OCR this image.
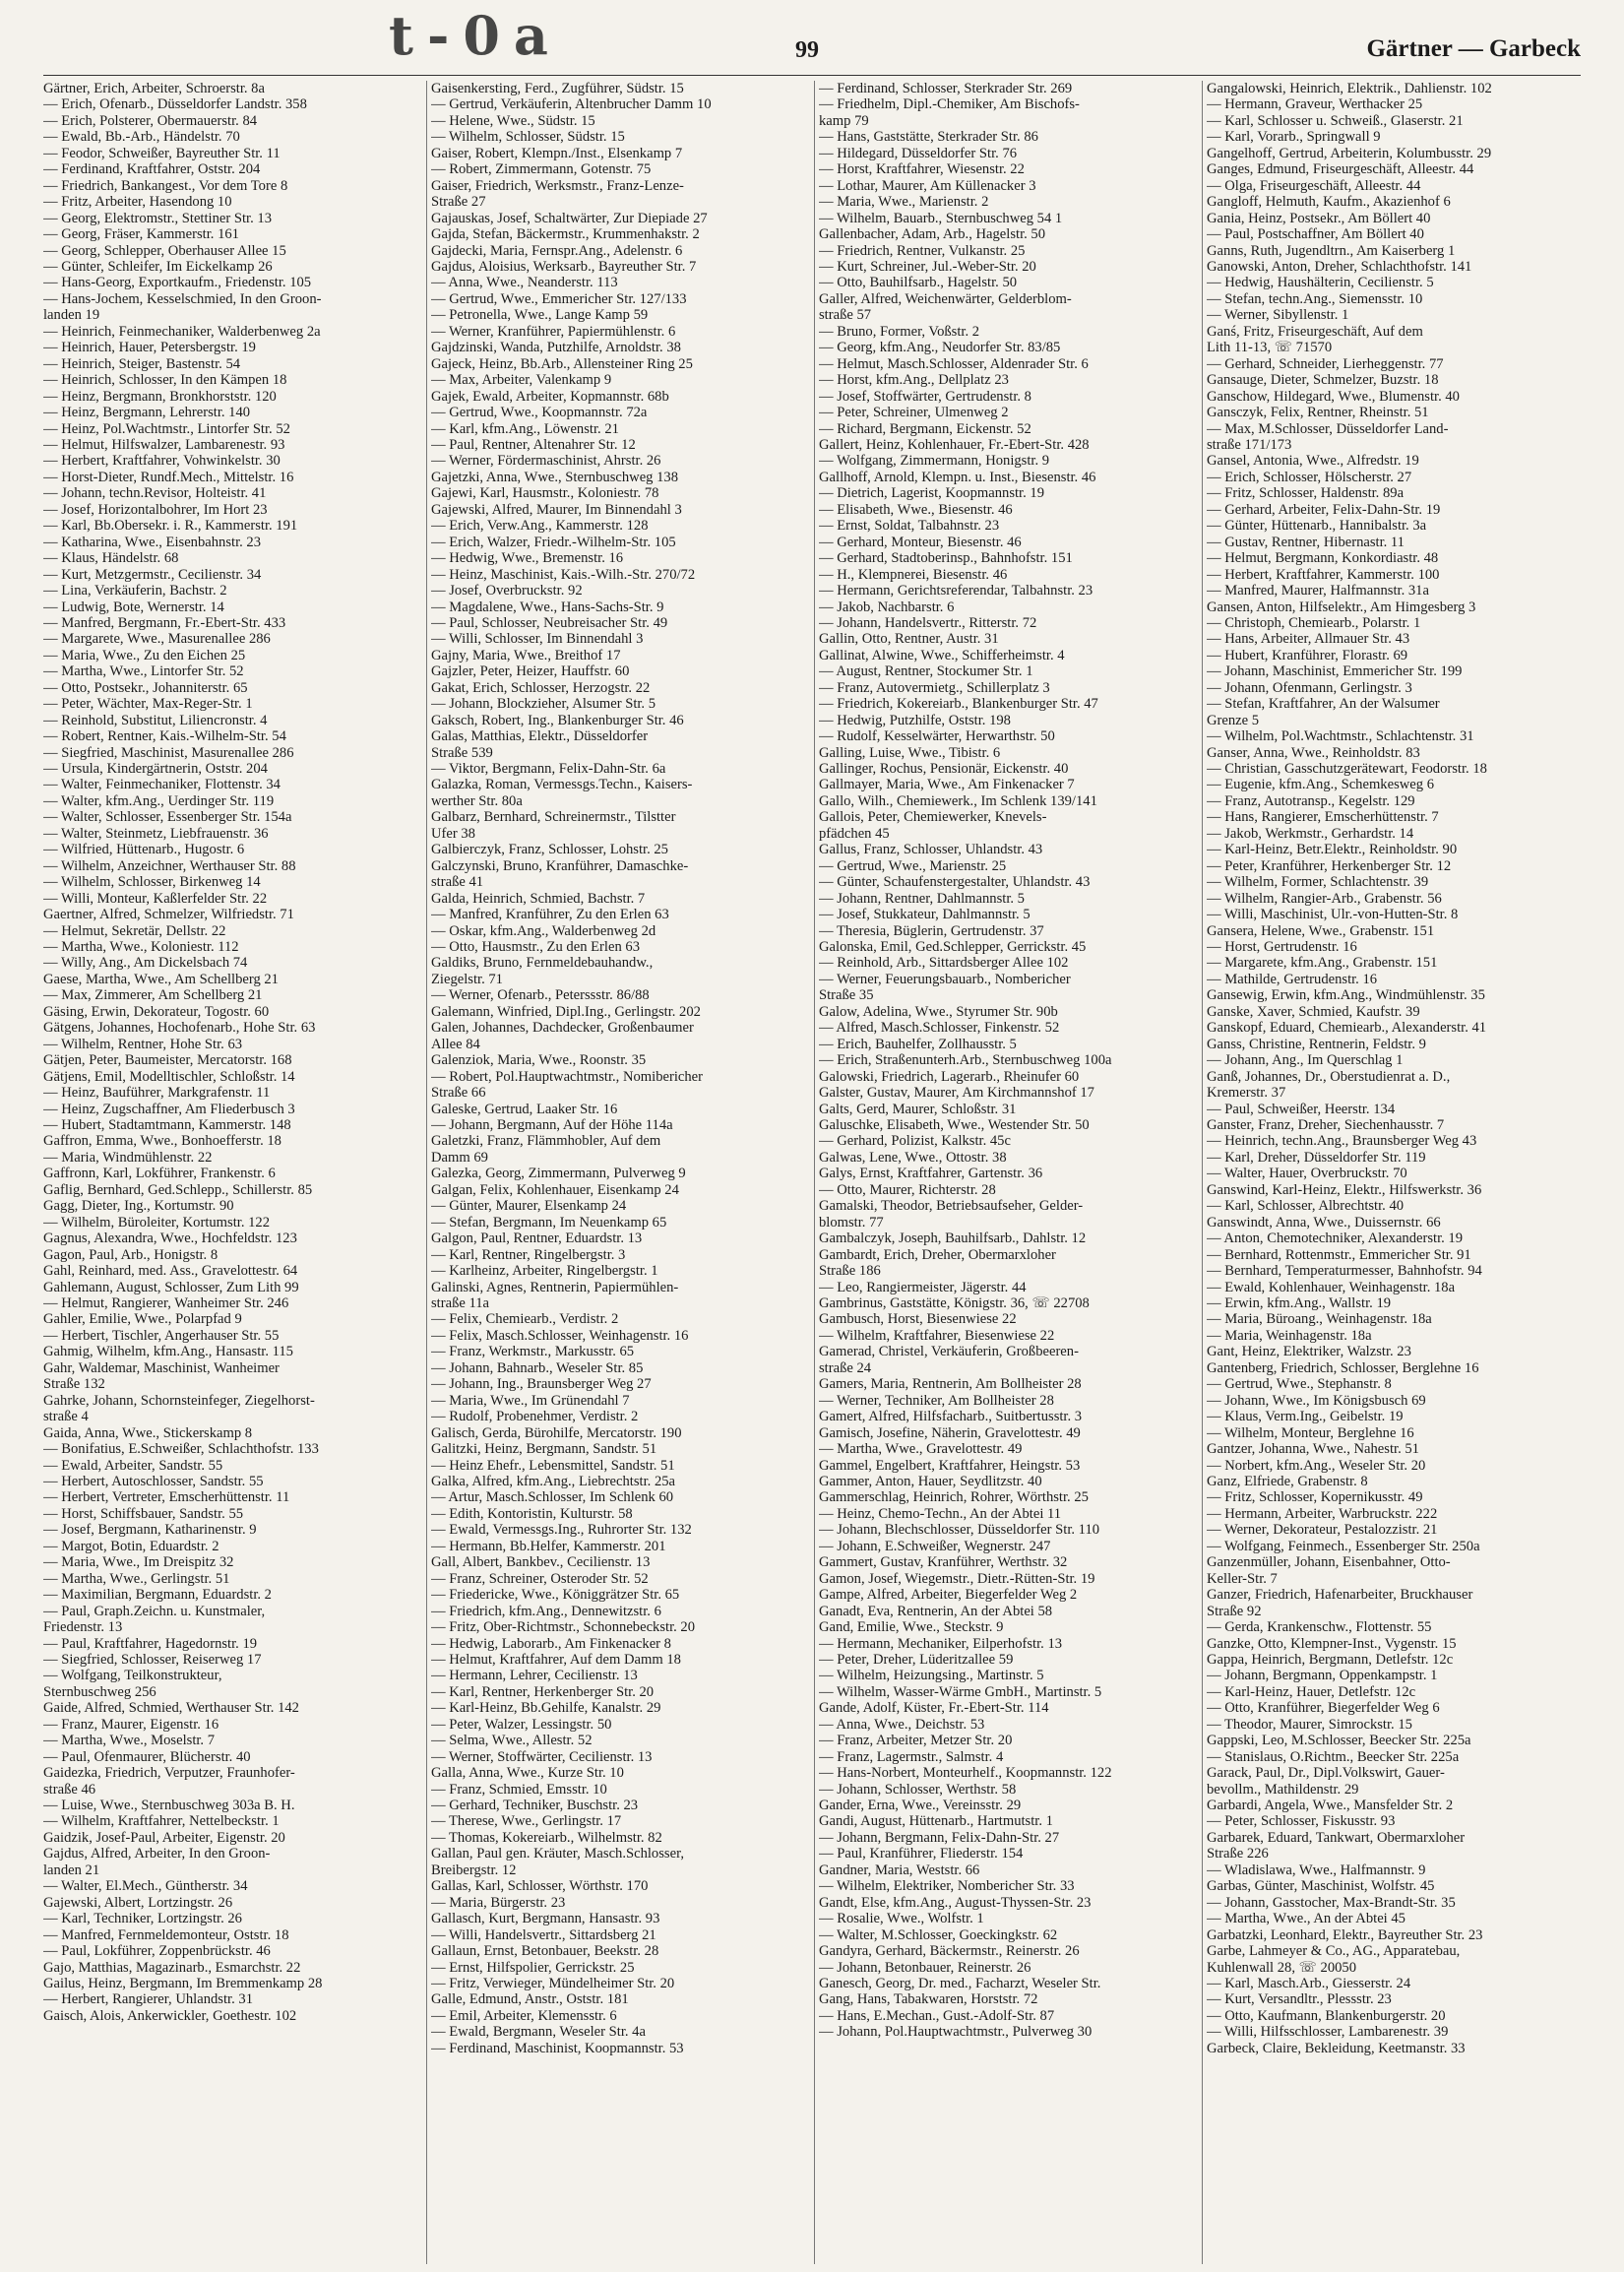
t-0a	99	Gärtner — Garbeck
Gärtner, Erich, Arbeiter, Schroerstr. 8a
— Erich, Ofenarb., Düsseldorfer Landstr. 358
— Erich, Polsterer, Obermauerstr. 84
— Ewald, Bb.-Arb., Händelstr. 70
— Feodor, Schweißer, Bayreuther Str. 11
— Ferdinand, Kraftfahrer, Oststr. 204
— Friedrich, Bankangest., Vor dem Tore 8
— Fritz, Arbeiter, Hasendong 10
— Georg, Elektromstr., Stettiner Str. 13
— Georg, Fräser, Kammerstr. 161
— Georg, Schlepper, Oberhauser Allee 15
— Günter, Schleifer, Im Eickelkamp 26
— Hans-Georg, Exportkaufm., Friedenstr. 105
— Hans-Jochem, Kesselschmied, In den Groon-
landen 19
— Heinrich, Feinmechaniker, Walderbenweg 2a
— Heinrich, Hauer, Petersbergstr. 19
— Heinrich, Steiger, Bastenstr. 54
— Heinrich, Schlosser, In den Kämpen 18
— Heinz, Bergmann, Bronkhorststr. 120
— Heinz, Bergmann, Lehrerstr. 140
— Heinz, Pol.Wachtmstr., Lintorfer Str. 52
— Helmut, Hilfswalzer, Lambarenestr. 93
— Herbert, Kraftfahrer, Vohwinkelstr. 30
— Horst-Dieter, Rundf.Mech., Mittelstr. 16
— Johann, techn.Revisor, Holteistr. 41
— Josef, Horizontalbohrer, Im Hort 23
— Karl, Bb.Obersekr. i. R., Kammerstr. 191
— Katharina, Wwe., Eisenbahnstr. 23
— Klaus, Händelstr. 68
— Kurt, Metzgermstr., Cecilienstr. 34
— Lina, Verkäuferin, Bachstr. 2
— Ludwig, Bote, Wernerstr. 14
— Manfred, Bergmann, Fr.-Ebert-Str. 433
— Margarete, Wwe., Masurenallee 286
— Maria, Wwe., Zu den Eichen 25
— Martha, Wwe., Lintorfer Str. 52
— Otto, Postsekr., Johanniterstr. 65
— Peter, Wächter, Max-Reger-Str. 1
— Reinhold, Substitut, Liliencronstr. 4
— Robert, Rentner, Kais.-Wilhelm-Str. 54
— Siegfried, Maschinist, Masurenallee 286
— Ursula, Kindergärtnerin, Oststr. 204
— Walter, Feinmechaniker, Flottenstr. 34
— Walter, kfm.Ang., Uerdinger Str. 119
— Walter, Schlosser, Essenberger Str. 154a
— Walter, Steinmetz, Liebfrauenstr. 36
— Wilfried, Hüttenarb., Hugostr. 6
— Wilhelm, Anzeichner, Werthauser Str. 88
— Wilhelm, Schlosser, Birkenweg 14
— Willi, Monteur, Kaßlerfelder Str. 22
Gaertner, Alfred, Schmelzer, Wilfriedstr. 71
— Helmut, Sekretär, Dellstr. 22
— Martha, Wwe., Koloniestr. 112
— Willy, Ang., Am Dickelsbach 74
Gaese, Martha, Wwe., Am Schellberg 21
— Max, Zimmerer, Am Schellberg 21
Gäsing, Erwin, Dekorateur, Togostr. 60
Gätgens, Johannes, Hochofenarb., Hohe Str. 63
— Wilhelm, Rentner, Hohe Str. 63
Gätjen, Peter, Baumeister, Mercatorstr. 168
Gätjens, Emil, Modelltischler, Schloßstr. 14
— Heinz, Bauführer, Markgrafenstr. 11
— Heinz, Zugschaffner, Am Fliederbusch 3
— Hubert, Stadtamtmann, Kammerstr. 148
Gaffron, Emma, Wwe., Bonhoefferstr. 18
— Maria, Windmühlenstr. 22
Gaffronn, Karl, Lokführer, Frankenstr. 6
Gaflig, Bernhard, Ged.Schlepp., Schillerstr. 85
Gagg, Dieter, Ing., Kortumstr. 90
— Wilhelm, Büroleiter, Kortumstr. 122
Gagnus, Alexandra, Wwe., Hochfeldstr. 123
Gagon, Paul, Arb., Honigstr. 8
Gahl, Reinhard, med. Ass., Gravelottestr. 64
Gahlemann, August, Schlosser, Zum Lith 99
— Helmut, Rangierer, Wanheimer Str. 246
Gahler, Emilie, Wwe., Polarpfad 9
— Herbert, Tischler, Angerhauser Str. 55
Gahmig, Wilhelm, kfm.Ang., Hansastr. 115
Gahr, Waldemar, Maschinist, Wanheimer
Straße 132
Gahrke, Johann, Schornsteinfeger, Ziegelhorst-
straße 4
Gaida, Anna, Wwe., Stickerskamp 8
— Bonifatius, E.Schweißer, Schlachthofstr. 133
— Ewald, Arbeiter, Sandstr. 55
— Herbert, Autoschlosser, Sandstr. 55
— Herbert, Vertreter, Emscherhüttenstr. 11
— Horst, Schiffsbauer, Sandstr. 55
— Josef, Bergmann, Katharinenstr. 9
— Margot, Botin, Eduardstr. 2
— Maria, Wwe., Im Dreispitz 32
— Martha, Wwe., Gerlingstr. 51
— Maximilian, Bergmann, Eduardstr. 2
— Paul, Graph.Zeichn. u. Kunstmaler,
Friedenstr. 13
— Paul, Kraftfahrer, Hagedornstr. 19
— Siegfried, Schlosser, Reiserweg 17
— Wolfgang, Teilkonstrukteur,
Sternbuschweg 256
Gaide, Alfred, Schmied, Werthauser Str. 142
— Franz, Maurer, Eigenstr. 16
— Martha, Wwe., Moselstr. 7
— Paul, Ofenmaurer, Blücherstr. 40
Gaidezka, Friedrich, Verputzer, Fraunhofer-
straße 46
— Luise, Wwe., Sternbuschweg 303a B. H.
— Wilhelm, Kraftfahrer, Nettelbeckstr. 1
Gaidzik, Josef-Paul, Arbeiter, Eigenstr. 20
Gajdus, Alfred, Arbeiter, In den Groon-
landen 21
— Walter, El.Mech., Güntherstr. 34
Gajewski, Albert, Lortzingstr. 26
— Karl, Techniker, Lortzingstr. 26
— Manfred, Fernmeldemonteur, Oststr. 18
— Paul, Lokführer, Zoppenbrückstr. 46
Gajo, Matthias, Magazinarb., Esmarchstr. 22
Gailus, Heinz, Bergmann, Im Bremmenkamp 28
— Herbert, Rangierer, Uhlandstr. 31
Gaisch, Alois, Ankerwickler, Goethestr. 102
Gaisenkersting, Ferd., Zugführer, Südstr. 15
— Gertrud, Verkäuferin, Altenbrucher Damm 10
— Helene, Wwe., Südstr. 15
— Wilhelm, Schlosser, Südstr. 15
Gaiser, Robert, Klempn./Inst., Elsenkamp 7
— Robert, Zimmermann, Gotenstr. 75
Gaiser, Friedrich, Werksmstr., Franz-Lenze-
Straße 27
Gajauskas, Josef, Schaltwärter, Zur Diepiade 27
Gajda, Stefan, Bäckermstr., Krummenhakstr. 2
Gajdecki, Maria, Fernspr.Ang., Adelenstr. 6
Gajdus, Aloisius, Werksarb., Bayreuther Str. 7
— Anna, Wwe., Neanderstr. 113
— Gertrud, Wwe., Emmericher Str. 127/133
— Petronella, Wwe., Lange Kamp 59
— Werner, Kranführer, Papiermühlenstr. 6
Gajdzinski, Wanda, Putzhilfe, Arnoldstr. 38
Gajeck, Heinz, Bb.Arb., Allensteiner Ring 25
— Max, Arbeiter, Valenkamp 9
Gajek, Ewald, Arbeiter, Kopmannstr. 68b
— Gertrud, Wwe., Koopmannstr. 72a
— Karl, kfm.Ang., Löwenstr. 21
— Paul, Rentner, Altenahrer Str. 12
— Werner, Fördermaschinist, Ahrstr. 26
Gajetzki, Anna, Wwe., Sternbuschweg 138
Gajewi, Karl, Hausmstr., Koloniestr. 78
Gajewski, Alfred, Maurer, Im Binnendahl 3
— Erich, Verw.Ang., Kammerstr. 128
— Erich, Walzer, Friedr.-Wilhelm-Str. 105
— Hedwig, Wwe., Bremenstr. 16
— Heinz, Maschinist, Kais.-Wilh.-Str. 270/72
— Josef, Overbruckstr. 92
— Magdalene, Wwe., Hans-Sachs-Str. 9
— Paul, Schlosser, Neubreisacher Str. 49
— Willi, Schlosser, Im Binnendahl 3
Gajny, Maria, Wwe., Breithof 17
Gajzler, Peter, Heizer, Hauffstr. 60
Gakat, Erich, Schlosser, Herzogstr. 22
— Johann, Blockzieher, Alsumer Str. 5
Gaksch, Robert, Ing., Blankenburger Str. 46
Galas, Matthias, Elektr., Düsseldorfer
Straße 539
— Viktor, Bergmann, Felix-Dahn-Str. 6a
Galazka, Roman, Vermessgs.Techn., Kaisers-
werther Str. 80a
Galbarz, Bernhard, Schreinermstr., Tilstter
Ufer 38
Galbierczyk, Franz, Schlosser, Lohstr. 25
Galczynski, Bruno, Kranführer, Damaschke-
straße 41
Galda, Heinrich, Schmied, Bachstr. 7
— Manfred, Kranführer, Zu den Erlen 63
— Oskar, kfm.Ang., Walderbenweg 2d
— Otto, Hausmstr., Zu den Erlen 63
Galdiks, Bruno, Fernmeldebauhandw.,
Ziegelstr. 71
— Werner, Ofenarb., Peterssstr. 86/88
Galemann, Winfried, Dipl.Ing., Gerlingstr. 202
Galen, Johannes, Dachdecker, Großenbaumer
Allee 84
Galenziok, Maria, Wwe., Roonstr. 35
— Robert, Pol.Hauptwachtmstr., Nomibericher
Straße 66
Galeske, Gertrud, Laaker Str. 16
— Johann, Bergmann, Auf der Höhe 114a
Galetzki, Franz, Flämmhobler, Auf dem
Damm 69
Galezka, Georg, Zimmermann, Pulverweg 9
Galgan, Felix, Kohlenhauer, Eisenkamp 24
— Günter, Maurer, Elsenkamp 24
— Stefan, Bergmann, Im Neuenkamp 65
Galgon, Paul, Rentner, Eduardstr. 13
— Karl, Rentner, Ringelbergstr. 3
— Karlheinz, Arbeiter, Ringelbergstr. 1
Galinski, Agnes, Rentnerin, Papiermühlen-
straße 11a
— Felix, Chemiearb., Verdistr. 2
— Felix, Masch.Schlosser, Weinhagenstr. 16
— Franz, Werkmstr., Markusstr. 65
— Johann, Bahnarb., Weseler Str. 85
— Johann, Ing., Braunsberger Weg 27
— Maria, Wwe., Im Grünendahl 7
— Rudolf, Probenehmer, Verdistr. 2
Galisch, Gerda, Bürohilfe, Mercatorstr. 190
Galitzki, Heinz, Bergmann, Sandstr. 51
— Heinz Ehefr., Lebensmittel, Sandstr. 51
Galka, Alfred, kfm.Ang., Liebrechtstr. 25a
— Artur, Masch.Schlosser, Im Schlenk 60
— Edith, Kontoristin, Kulturstr. 58
— Ewald, Vermessgs.Ing., Ruhrorter Str. 132
— Hermann, Bb.Helfer, Kammerstr. 201
Gall, Albert, Bankbev., Cecilienstr. 13
— Franz, Schreiner, Osteroder Str. 52
— Friedericke, Wwe., Königgrätzer Str. 65
— Friedrich, kfm.Ang., Dennewitzstr. 6
— Fritz, Ober-Richtmstr., Schonnebeckstr. 20
— Hedwig, Laborarb., Am Finkenacker 8
— Helmut, Kraftfahrer, Auf dem Damm 18
— Hermann, Lehrer, Cecilienstr. 13
— Karl, Rentner, Herkenberger Str. 20
— Karl-Heinz, Bb.Gehilfe, Kanalstr. 29
— Peter, Walzer, Lessingstr. 50
— Selma, Wwe., Allestr. 52
— Werner, Stoffwärter, Cecilienstr. 13
Galla, Anna, Wwe., Kurze Str. 10
— Franz, Schmied, Emsstr. 10
— Gerhard, Techniker, Buschstr. 23
— Therese, Wwe., Gerlingstr. 17
— Thomas, Kokereiarb., Wilhelmstr. 82
Gallan, Paul gen. Kräuter, Masch.Schlosser,
Breibergstr. 12
Gallas, Karl, Schlosser, Wörthstr. 170
— Maria, Bürgerstr. 23
Gallasch, Kurt, Bergmann, Hansastr. 93
— Willi, Handelsvertr., Sittardsberg 21
Gallaun, Ernst, Betonbauer, Beekstr. 28
— Ernst, Hilfspolier, Gerrickstr. 25
— Fritz, Verwieger, Mündelheimer Str. 20
Galle, Edmund, Anstr., Oststr. 181
— Emil, Arbeiter, Klemensstr. 6
— Ewald, Bergmann, Weseler Str. 4a
— Ferdinand, Maschinist, Koopmannstr. 53
— Ferdinand, Schlosser, Sterkrader Str. 269
— Friedhelm, Dipl.-Chemiker, Am Bischofs-
kamp 79
— Hans, Gaststätte, Sterkrader Str. 86
— Hildegard, Düsseldorfer Str. 76
— Horst, Kraftfahrer, Wiesenstr. 22
— Lothar, Maurer, Am Küllenacker 3
— Maria, Wwe., Marienstr. 2
— Wilhelm, Bauarb., Sternbuschweg 54 1
Gallenbacher, Adam, Arb., Hagelstr. 50
— Friedrich, Rentner, Vulkanstr. 25
— Kurt, Schreiner, Jul.-Weber-Str. 20
— Otto, Bauhilfsarb., Hagelstr. 50
Galler, Alfred, Weichenwärter, Gelderblom-
straße 57
— Bruno, Former, Voßstr. 2
— Georg, kfm.Ang., Neudorfer Str. 83/85
— Helmut, Masch.Schlosser, Aldenrader Str. 6
— Horst, kfm.Ang., Dellplatz 23
— Josef, Stoffwärter, Gertrudenstr. 8
— Peter, Schreiner, Ulmenweg 2
— Richard, Bergmann, Eickenstr. 52
Gallert, Heinz, Kohlenhauer, Fr.-Ebert-Str. 428
— Wolfgang, Zimmermann, Honigstr. 9
Gallhoff, Arnold, Klempn. u. Inst., Biesenstr. 46
— Dietrich, Lagerist, Koopmannstr. 19
— Elisabeth, Wwe., Biesenstr. 46
— Ernst, Soldat, Talbahnstr. 23
— Gerhard, Monteur, Biesenstr. 46
— Gerhard, Stadtoberinsp., Bahnhofstr. 151
— H., Klempnerei, Biesenstr. 46
— Hermann, Gerichtsreferendar, Talbahnstr. 23
— Jakob, Nachbarstr. 6
— Johann, Handelsvertr., Ritterstr. 72
Gallin, Otto, Rentner, Austr. 31
Gallinat, Alwine, Wwe., Schifferheimstr. 4
— August, Rentner, Stockumer Str. 1
— Franz, Autovermietg., Schillerplatz 3
— Friedrich, Kokereiarb., Blankenburger Str. 47
— Hedwig, Putzhilfe, Oststr. 198
— Rudolf, Kesselwärter, Herwarthstr. 50
Galling, Luise, Wwe., Tibistr. 6
Gallinger, Rochus, Pensionär, Eickenstr. 40
Gallmayer, Maria, Wwe., Am Finkenacker 7
Gallo, Wilh., Chemiewerk., Im Schlenk 139/141
Gallois, Peter, Chemiewerker, Knevels-
pfädchen 45
Gallus, Franz, Schlosser, Uhlandstr. 43
— Gertrud, Wwe., Marienstr. 25
— Günter, Schaufenstergestalter, Uhlandstr. 43
— Johann, Rentner, Dahlmannstr. 5
— Josef, Stukkateur, Dahlmannstr. 5
— Theresia, Büglerin, Gertrudenstr. 37
Galonska, Emil, Ged.Schlepper, Gerrickstr. 45
— Reinhold, Arb., Sittardsberger Allee 102
— Werner, Feuerungsbauarb., Nombericher
Straße 35
Galow, Adelina, Wwe., Styrumer Str. 90b
— Alfred, Masch.Schlosser, Finkenstr. 52
— Erich, Bauhelfer, Zollhausstr. 5
— Erich, Straßenunterh.Arb., Sternbuschweg 100a
Galowski, Friedrich, Lagerarb., Rheinufer 60
Galster, Gustav, Maurer, Am Kirchmannshof 17
Galts, Gerd, Maurer, Schloßstr. 31
Galuschke, Elisabeth, Wwe., Westender Str. 50
— Gerhard, Polizist, Kalkstr. 45c
Galwas, Lene, Wwe., Ottostr. 38
Galys, Ernst, Kraftfahrer, Gartenstr. 36
— Otto, Maurer, Richterstr. 28
Gamalski, Theodor, Betriebsaufseher, Gelder-
blomstr. 77
Gambalczyk, Joseph, Bauhilfsarb., Dahlstr. 12
Gambardt, Erich, Dreher, Obermarxloher
Straße 186
— Leo, Rangiermeister, Jägerstr. 44
Gambrinus, Gaststätte, Königstr. 36, ☏ 22708
Gambusch, Horst, Biesenwiese 22
— Wilhelm, Kraftfahrer, Biesenwiese 22
Gamerad, Christel, Verkäuferin, Großbeeren-
straße 24
Gamers, Maria, Rentnerin, Am Bollheister 28
— Werner, Techniker, Am Bollheister 28
Gamert, Alfred, Hilfsfacharb., Suitbertusstr. 3
Gamisch, Josefine, Näherin, Gravelottestr. 49
— Martha, Wwe., Gravelottestr. 49
Gammel, Engelbert, Kraftfahrer, Heingstr. 53
Gammer, Anton, Hauer, Seydlitzstr. 40
Gammerschlag, Heinrich, Rohrer, Wörthstr. 25
— Heinz, Chemo-Techn., An der Abtei 11
— Johann, Blechschlosser, Düsseldorfer Str. 110
— Johann, E.Schweißer, Wegnerstr. 247
Gammert, Gustav, Kranführer, Werthstr. 32
Gamon, Josef, Wiegemstr., Dietr.-Rütten-Str. 19
Gampe, Alfred, Arbeiter, Biegerfelder Weg 2
Ganadt, Eva, Rentnerin, An der Abtei 58
Gand, Emilie, Wwe., Steckstr. 9
— Hermann, Mechaniker, Eilperhofstr. 13
— Peter, Dreher, Lüderitzallee 59
— Wilhelm, Heizungsing., Martinstr. 5
— Wilhelm, Wasser-Wärme GmbH., Martinstr. 5
Gande, Adolf, Küster, Fr.-Ebert-Str. 114
— Anna, Wwe., Deichstr. 53
— Franz, Arbeiter, Metzer Str. 20
— Franz, Lagermstr., Salmstr. 4
— Hans-Norbert, Monteurhelf., Koopmannstr. 122
— Johann, Schlosser, Werthstr. 58
Gander, Erna, Wwe., Vereinsstr. 29
Gandi, August, Hüttenarb., Hartmutstr. 1
— Johann, Bergmann, Felix-Dahn-Str. 27
— Paul, Kranführer, Fliederstr. 154
Gandner, Maria, Weststr. 66
— Wilhelm, Elektriker, Nombericher Str. 33
Gandt, Else, kfm.Ang., August-Thyssen-Str. 23
— Rosalie, Wwe., Wolfstr. 1
— Walter, M.Schlosser, Goeckingkstr. 62
Gandyra, Gerhard, Bäckermstr., Reinerstr. 26
— Johann, Betonbauer, Reinerstr. 26
Ganesch, Georg, Dr. med., Facharzt, Weseler Str.
Gang, Hans, Tabakwaren, Horststr. 72
— Hans, E.Mechan., Gust.-Adolf-Str. 87
— Johann, Pol.Hauptwachtmstr., Pulverweg 30
Gangalowski, Heinrich, Elektrik., Dahlienstr. 102
— Hermann, Graveur, Werthacker 25
— Karl, Schlosser u. Schweiß., Glaserstr. 21
— Karl, Vorarb., Springwall 9
Gangelhoff, Gertrud, Arbeiterin, Kolumbusstr. 29
Ganges, Edmund, Friseurgeschäft, Alleestr. 44
— Olga, Friseurgeschäft, Alleestr. 44
Gangloff, Helmuth, Kaufm., Akazienhof 6
Gania, Heinz, Postsekr., Am Böllert 40
— Paul, Postschaffner, Am Böllert 40
Ganns, Ruth, Jugendltrn., Am Kaiserberg 1
Ganowski, Anton, Dreher, Schlachthofstr. 141
— Hedwig, Haushälterin, Cecilienstr. 5
— Stefan, techn.Ang., Siemensstr. 10
— Werner, Sibyllenstr. 1
Ganś, Fritz, Friseurgeschäft, Auf dem
Lith 11-13, ☏ 71570
— Gerhard, Schneider, Lierheggenstr. 77
Gansauge, Dieter, Schmelzer, Buzstr. 18
Ganschow, Hildegard, Wwe., Blumenstr. 40
Gansczyk, Felix, Rentner, Rheinstr. 51
— Max, M.Schlosser, Düsseldorfer Land-
straße 171/173
Gansel, Antonia, Wwe., Alfredstr. 19
— Erich, Schlosser, Hölscherstr. 27
— Fritz, Schlosser, Haldenstr. 89a
— Gerhard, Arbeiter, Felix-Dahn-Str. 19
— Günter, Hüttenarb., Hannibalstr. 3a
— Gustav, Rentner, Hibernastr. 11
— Helmut, Bergmann, Konkordiastr. 48
— Herbert, Kraftfahrer, Kammerstr. 100
— Manfred, Maurer, Halfmannstr. 31a
Gansen, Anton, Hilfselektr., Am Himgesberg 3
— Christoph, Chemiearb., Polarstr. 1
— Hans, Arbeiter, Allmauer Str. 43
— Hubert, Kranführer, Florastr. 69
— Johann, Maschinist, Emmericher Str. 199
— Johann, Ofenmann, Gerlingstr. 3
— Stefan, Kraftfahrer, An der Walsumer
Grenze 5
— Wilhelm, Pol.Wachtmstr., Schlachtenstr. 31
Ganser, Anna, Wwe., Reinholdstr. 83
— Christian, Gasschutzgerätewart, Feodorstr. 18
— Eugenie, kfm.Ang., Schemkesweg 6
— Franz, Autotransp., Kegelstr. 129
— Hans, Rangierer, Emscherhüttenstr. 7
— Jakob, Werkmstr., Gerhardstr. 14
— Karl-Heinz, Betr.Elektr., Reinholdstr. 90
— Peter, Kranführer, Herkenberger Str. 12
— Wilhelm, Former, Schlachtenstr. 39
— Wilhelm, Rangier-Arb., Grabenstr. 56
— Willi, Maschinist, Ulr.-von-Hutten-Str. 8
Gansera, Helene, Wwe., Grabenstr. 151
— Horst, Gertrudenstr. 16
— Margarete, kfm.Ang., Grabenstr. 151
— Mathilde, Gertrudenstr. 16
Gansewig, Erwin, kfm.Ang., Windmühlenstr. 35
Ganske, Xaver, Schmied, Kaufstr. 39
Ganskopf, Eduard, Chemiearb., Alexanderstr. 41
Ganss, Christine, Rentnerin, Feldstr. 9
— Johann, Ang., Im Querschlag 1
Ganß, Johannes, Dr., Oberstudienrat a. D.,
Kremerstr. 37
— Paul, Schweißer, Heerstr. 134
Ganster, Franz, Dreher, Siechenhausstr. 7
— Heinrich, techn.Ang., Braunsberger Weg 43
— Karl, Dreher, Düsseldorfer Str. 119
— Walter, Hauer, Overbruckstr. 70
Ganswind, Karl-Heinz, Elektr., Hilfswerkstr. 36
— Karl, Schlosser, Albrechtstr. 40
Ganswindt, Anna, Wwe., Duissernstr. 66
— Anton, Chemotechniker, Alexanderstr. 19
— Bernhard, Rottenmstr., Emmericher Str. 91
— Bernhard, Temperaturmesser, Bahnhofstr. 94
— Ewald, Kohlenhauer, Weinhagenstr. 18a
— Erwin, kfm.Ang., Wallstr. 19
— Maria, Büroang., Weinhagenstr. 18a
— Maria, Weinhagenstr. 18a
Gant, Heinz, Elektriker, Walzstr. 23
Gantenberg, Friedrich, Schlosser, Berglehne 16
— Gertrud, Wwe., Stephanstr. 8
— Johann, Wwe., Im Königsbusch 69
— Klaus, Verm.Ing., Geibelstr. 19
— Wilhelm, Monteur, Berglehne 16
Gantzer, Johanna, Wwe., Nahestr. 51
— Norbert, kfm.Ang., Weseler Str. 20
Ganz, Elfriede, Grabenstr. 8
— Fritz, Schlosser, Kopernikusstr. 49
— Hermann, Arbeiter, Warbruckstr. 222
— Werner, Dekorateur, Pestalozzistr. 21
— Wolfgang, Feinmech., Essenberger Str. 250a
Ganzenmüller, Johann, Eisenbahner, Otto-
Keller-Str. 7
Ganzer, Friedrich, Hafenarbeiter, Bruckhauser
Straße 92
— Gerda, Krankenschw., Flottenstr. 55
Ganzke, Otto, Klempner-Inst., Vygenstr. 15
Gappa, Heinrich, Bergmann, Detlefstr. 12c
— Johann, Bergmann, Oppenkampstr. 1
— Karl-Heinz, Hauer, Detlefstr. 12c
— Otto, Kranführer, Biegerfelder Weg 6
— Theodor, Maurer, Simrockstr. 15
Gappski, Leo, M.Schlosser, Beecker Str. 225a
— Stanislaus, O.Richtm., Beecker Str. 225a
Garack, Paul, Dr., Dipl.Volkswirt, Gauer-
bevollm., Mathildenstr. 29
Garbardi, Angela, Wwe., Mansfelder Str. 2
— Peter, Schlosser, Fiskusstr. 93
Garbarek, Eduard, Tankwart, Obermarxloher
Straße 226
— Wladislawa, Wwe., Halfmannstr. 9
Garbas, Günter, Maschinist, Wolfstr. 45
— Johann, Gasstocher, Max-Brandt-Str. 35
— Martha, Wwe., An der Abtei 45
Garbatzki, Leonhard, Elektr., Bayreuther Str. 23
Garbe, Lahmeyer & Co., AG., Apparatebau,
Kuhlenwall 28, ☏ 20050
— Karl, Masch.Arb., Giesserstr. 24
— Kurt, Versandltr., Plessstr. 23
— Otto, Kaufmann, Blankenburgerstr. 20
— Willi, Hilfsschlosser, Lambarenestr. 39
Garbeck, Claire, Bekleidung, Keetmanstr. 33
